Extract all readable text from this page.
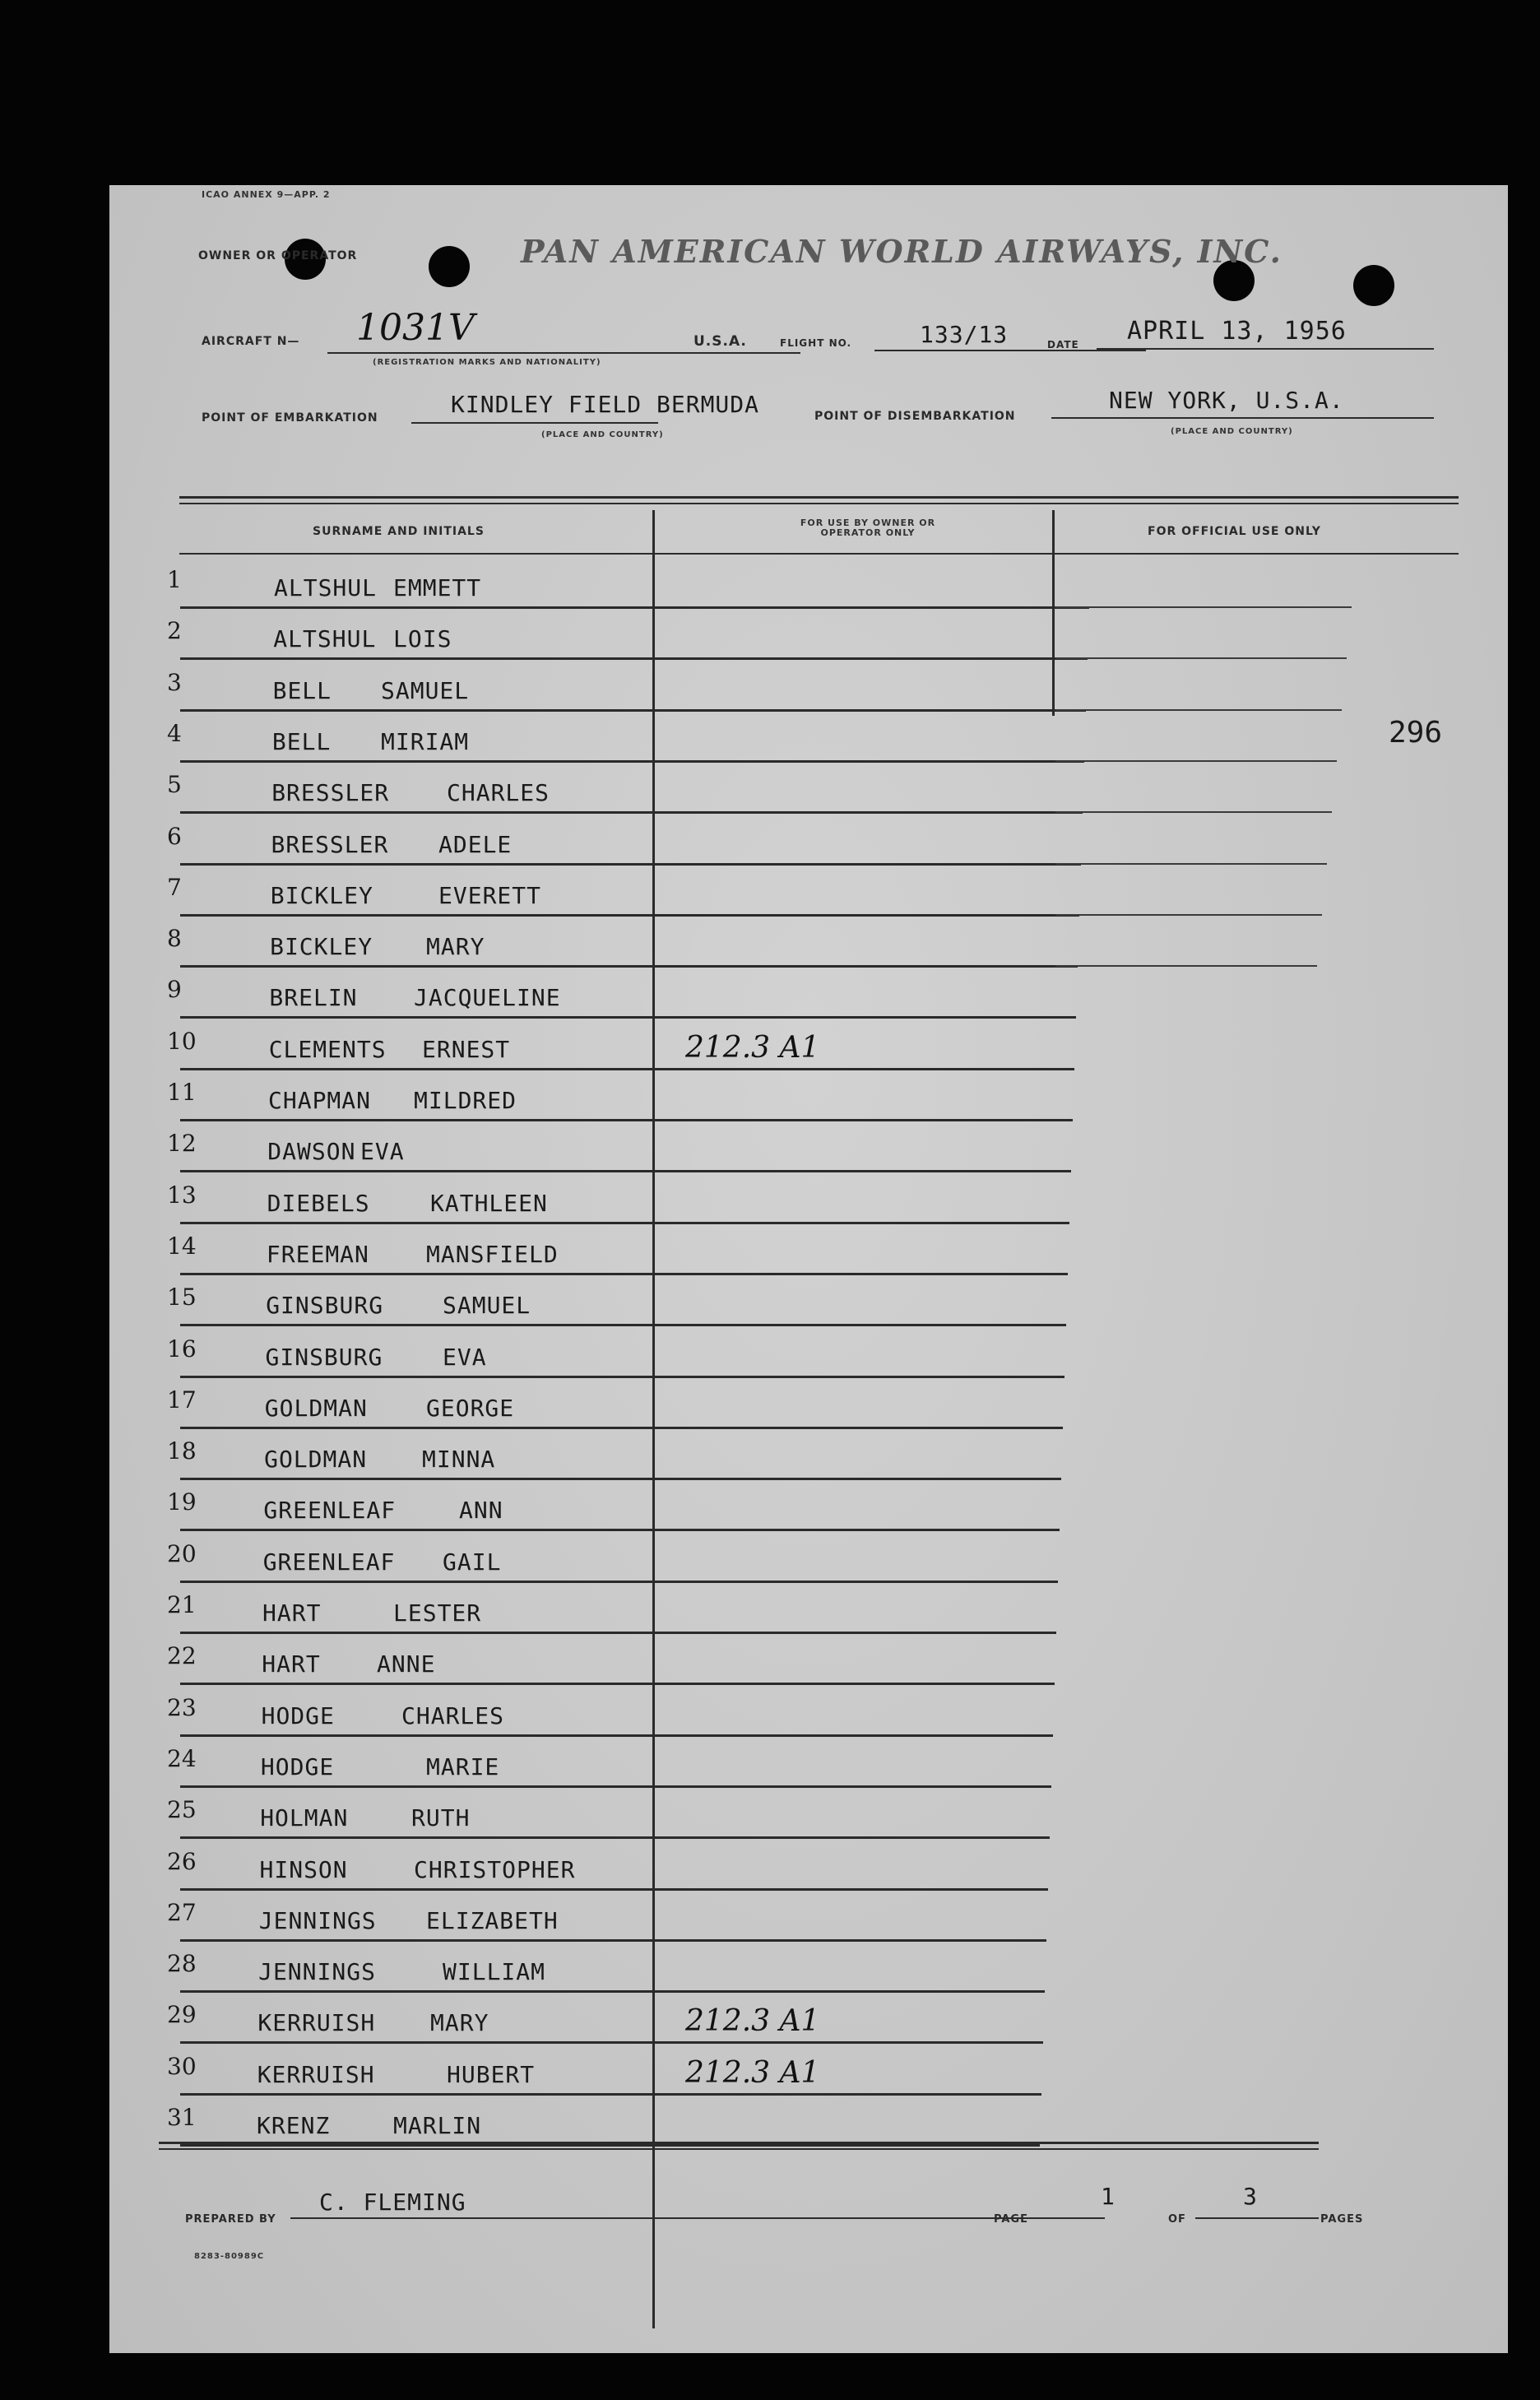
ICAO ANNEX 9—APP. 2
OWNER OR OPERATOR	PAN AMERICAN WORLD AIRWAYS, INC.
AIRCRAFT N— 1031V
(REGISTRATION MARKS AND NATIONALITY)
U.S.A.	FLIGHT NO.	133/13	DATE APRIL 13, 1956
POINT OF EMBARKATION	KINDLEY FIELD BERMUDA
(PLACE AND COUNTRY)
POINT OF DISEMBARKATION
NEW YORK, U.S.A.
(PLACE AND COUNTRY)
SURNAME AND INITIALS
FOR USE BY OWNER OR OPERATOR ONLY	FOR OFFICIAL USE ONLY
296
1	ALTSHUL EMMETT
2	ALTSHUL LOIS
3	BELL SAMUEL
4	BELL MIRIAM
5	BRESSLER CHARLES
6	BRESSLER ADELE
7	BICKLEY	EVERETT
8	BICKLEY MARY
9	BRELIN JACQUELINE
10	CLEMENTS ERNEST	212.3 A1
11	CHAPMAN MILDRED
12	DAWSON EVA
13	DIEBELS	KATHLEEN
14	FREEMAN MANSFIELD
15	GINSBURG	SAMUEL
16	GINSBURG	EVA
17	GOLDMAN	GEORGE
18	GOLDMAN MINNA
19	GREENLEAF	ANN
20	GREENLEAF GAIL
21	HART	LESTER
22	HART ANNE
23	HODGE	CHARLES
24	HODGE	MARIE
25	HOLMAN	RUTH
26	HINSON	CHRISTOPHER
27	JENNINGS ELIZABETH
28	JENNINGS	WILLIAM
29	KERRUISH MARY	212.3 A1
30	KERRUISH	HUBERT	212.3 A1
31	KRENZ	MARLIN
PREPARED BY
C. FLEMING
PAGE
1
OF
3
PAGES
8283-80989C
